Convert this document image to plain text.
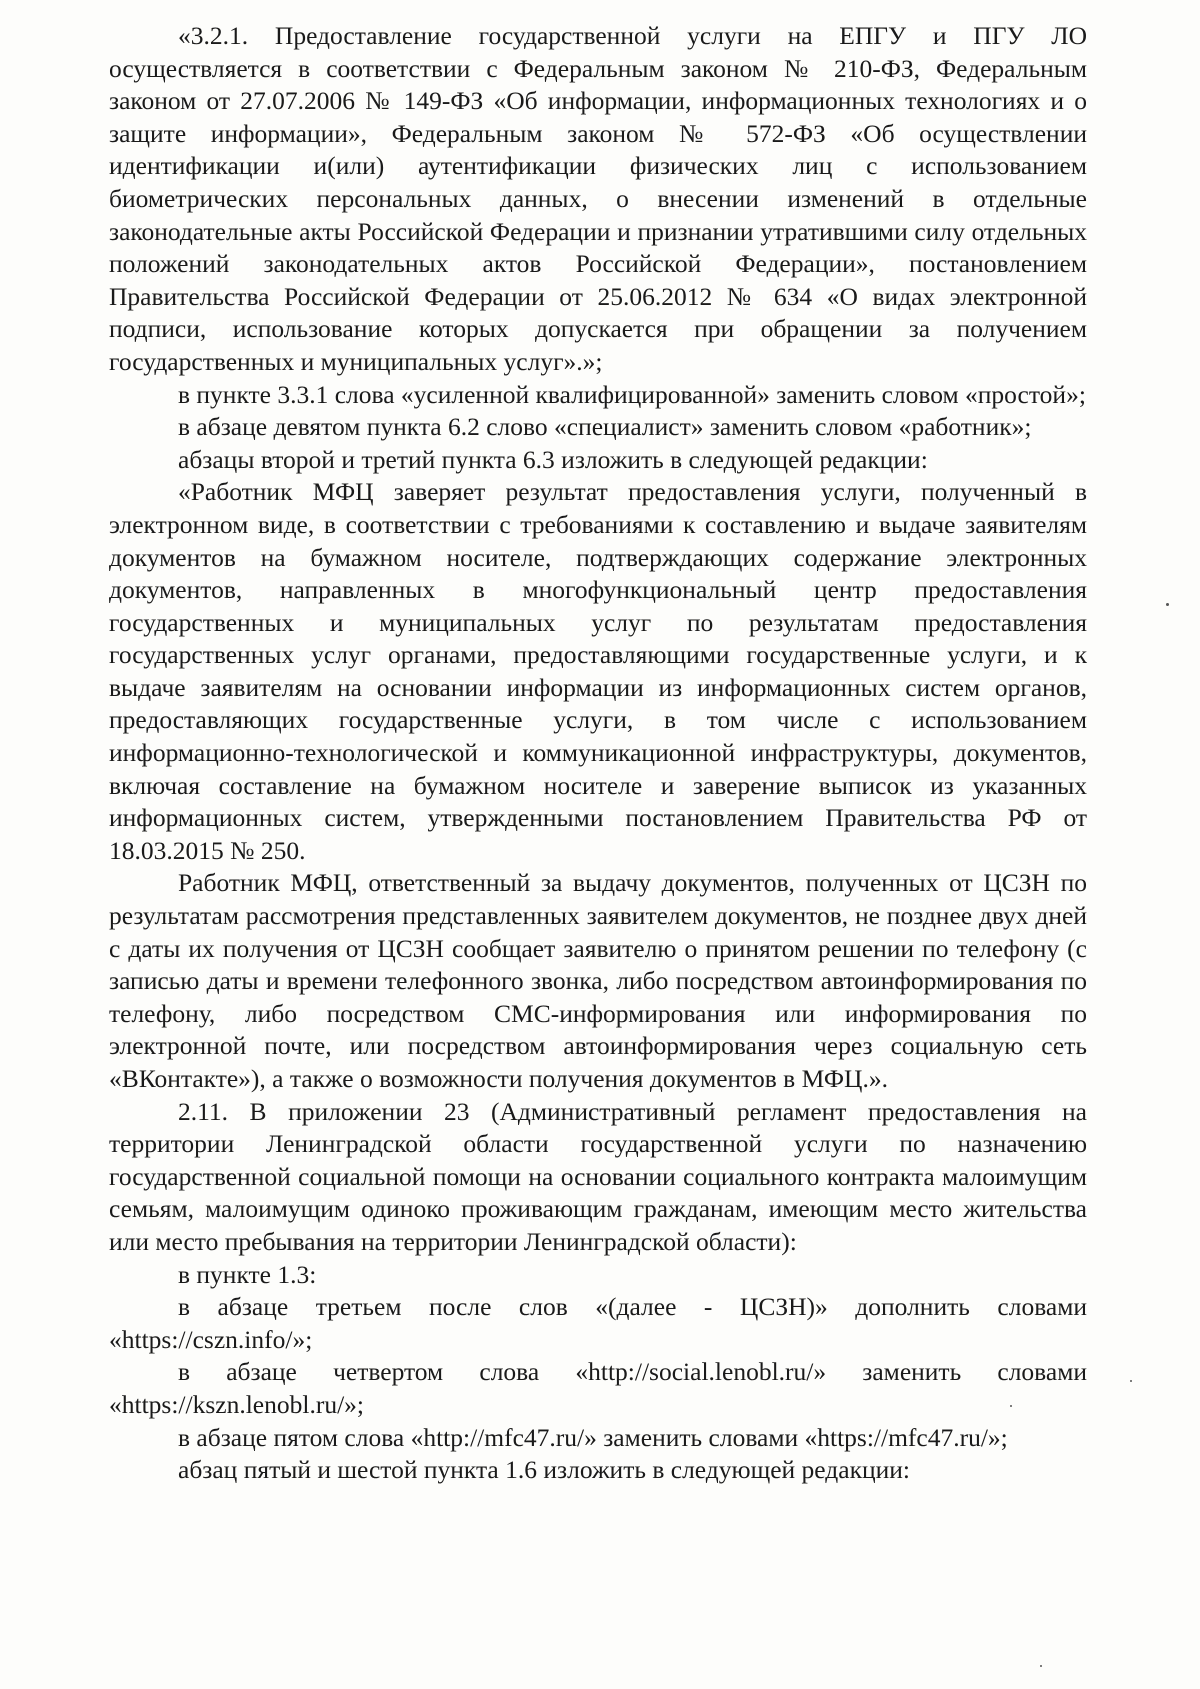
«3.2.1. Предоставление государственной услуги на ЕПГУ и ПГУ ЛО осуществляется в соответствии с Федеральным законом № 210-ФЗ, Федеральным законом от 27.07.2006 № 149-ФЗ «Об информации, информационных технологиях и о защите информации», Федеральным законом № 572-ФЗ «Об осуществлении идентификации и(или) аутентификации физических лиц с использованием биометрических персональных данных, о внесении изменений в отдельные законодательные акты Российской Федерации и признании утратившими силу отдельных положений законодательных актов Российской Федерации», постановлением Правительства Российской Федерации от 25.06.2012 № 634 «О видах электронной подписи, использование которых допускается при обращении за получением государственных и муниципальных услуг».»;

в пункте 3.3.1 слова «усиленной квалифицированной» заменить словом «простой»;

в абзаце девятом пункта 6.2 слово «специалист» заменить словом «работник»;

абзацы второй и третий пункта 6.3 изложить в следующей редакции:

«Работник МФЦ заверяет результат предоставления услуги, полученный в электронном виде, в соответствии с требованиями к составлению и выдаче заявителям документов на бумажном носителе, подтверждающих содержание электронных документов, направленных в многофункциональный центр предоставления государственных и муниципальных услуг по результатам предоставления государственных услуг органами, предоставляющими государственные услуги, и к выдаче заявителям на основании информации из информационных систем органов, предоставляющих государственные услуги, в том числе с использованием информационно-технологической и коммуникационной инфраструктуры, документов, включая составление на бумажном носителе и заверение выписок из указанных информационных систем, утвержденными постановлением Правительства РФ от 18.03.2015 № 250.

Работник МФЦ, ответственный за выдачу документов, полученных от ЦСЗН по результатам рассмотрения представленных заявителем документов, не позднее двух дней с даты их получения от ЦСЗН сообщает заявителю о принятом решении по телефону (с записью даты и времени телефонного звонка, либо посредством автоинформирования по телефону, либо посредством СМС-информирования или информирования по электронной почте, или посредством автоинформирования через социальную сеть «ВКонтакте»), а также о возможности получения документов в МФЦ.».

2.11. В приложении 23 (Административный регламент предоставления на территории Ленинградской области государственной услуги по назначению государственной социальной помощи на основании социального контракта малоимущим семьям, малоимущим одиноко проживающим гражданам, имеющим место жительства или место пребывания на территории Ленинградской области):

в пункте 1.3:

в абзаце третьем после слов «(далее - ЦСЗН)» дополнить словами «https://cszn.info/»;

в абзаце четвертом слова «http://social.lenobl.ru/» заменить словами «https://kszn.lenobl.ru/»;

в абзаце пятом слова «http://mfc47.ru/» заменить словами «https://mfc47.ru/»;

абзац пятый и шестой пункта 1.6 изложить в следующей редакции:
